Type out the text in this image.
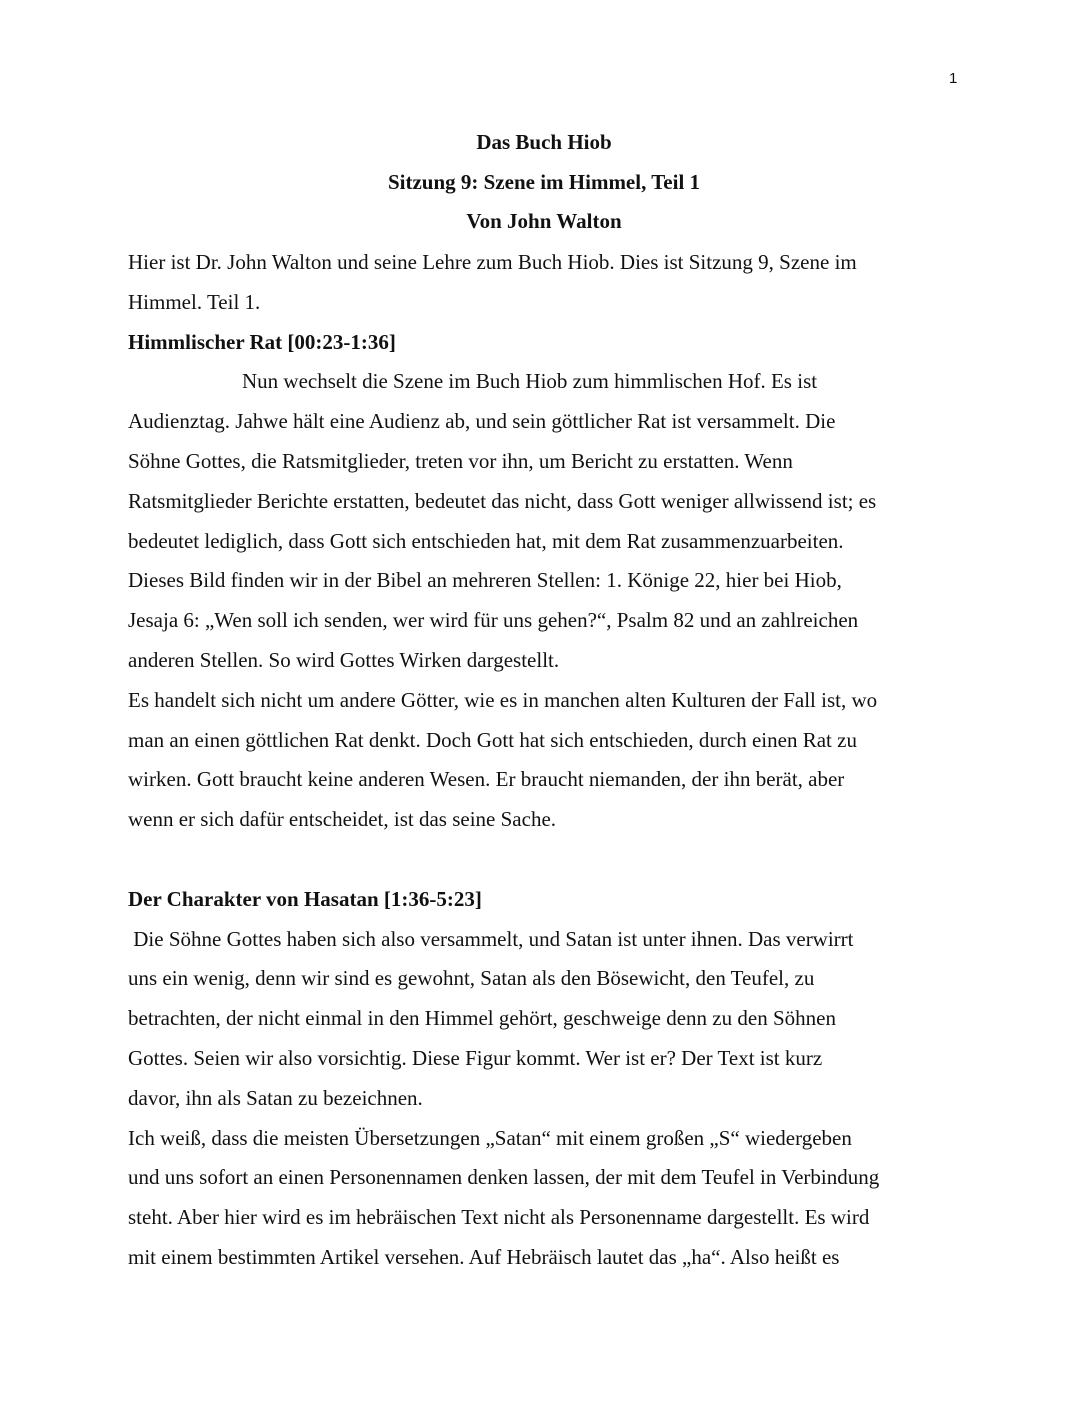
1
Das Buch Hiob
Sitzung 9: Szene im Himmel, Teil 1
Von John Walton
Hier ist Dr. John Walton und seine Lehre zum Buch Hiob. Dies ist Sitzung 9, Szene im
Himmel. Teil 1.
Himmlischer Rat [00:23-1:36]
Nun wechselt die Szene im Buch Hiob zum himmlischen Hof. Es ist
Audienztag. Jahwe hält eine Audienz ab, und sein göttlicher Rat ist versammelt. Die
Söhne Gottes, die Ratsmitglieder, treten vor ihn, um Bericht zu erstatten. Wenn
Ratsmitglieder Berichte erstatten, bedeutet das nicht, dass Gott weniger allwissend ist; es
bedeutet lediglich, dass Gott sich entschieden hat, mit dem Rat zusammenzuarbeiten.
Dieses Bild finden wir in der Bibel an mehreren Stellen: 1. Könige 22, hier bei Hiob,
Jesaja 6: „Wen soll ich senden, wer wird für uns gehen?“, Psalm 82 und an zahlreichen
anderen Stellen. So wird Gottes Wirken dargestellt.
Es handelt sich nicht um andere Götter, wie es in manchen alten Kulturen der Fall ist, wo
man an einen göttlichen Rat denkt. Doch Gott hat sich entschieden, durch einen Rat zu
wirken. Gott braucht keine anderen Wesen. Er braucht niemanden, der ihn berät, aber
wenn er sich dafür entscheidet, ist das seine Sache.
Der Charakter von Hasatan [1:36-5:23]
Die Söhne Gottes haben sich also versammelt, und Satan ist unter ihnen. Das verwirrt
uns ein wenig, denn wir sind es gewohnt, Satan als den Bösewicht, den Teufel, zu
betrachten, der nicht einmal in den Himmel gehört, geschweige denn zu den Söhnen
Gottes. Seien wir also vorsichtig. Diese Figur kommt. Wer ist er? Der Text ist kurz
davor, ihn als Satan zu bezeichnen.
Ich weiß, dass die meisten Übersetzungen „Satan“ mit einem großen „S“ wiedergeben
und uns sofort an einen Personennamen denken lassen, der mit dem Teufel in Verbindung
steht. Aber hier wird es im hebräischen Text nicht als Personenname dargestellt. Es wird
mit einem bestimmten Artikel versehen. Auf Hebräisch lautet das „ha“. Also heißt es
